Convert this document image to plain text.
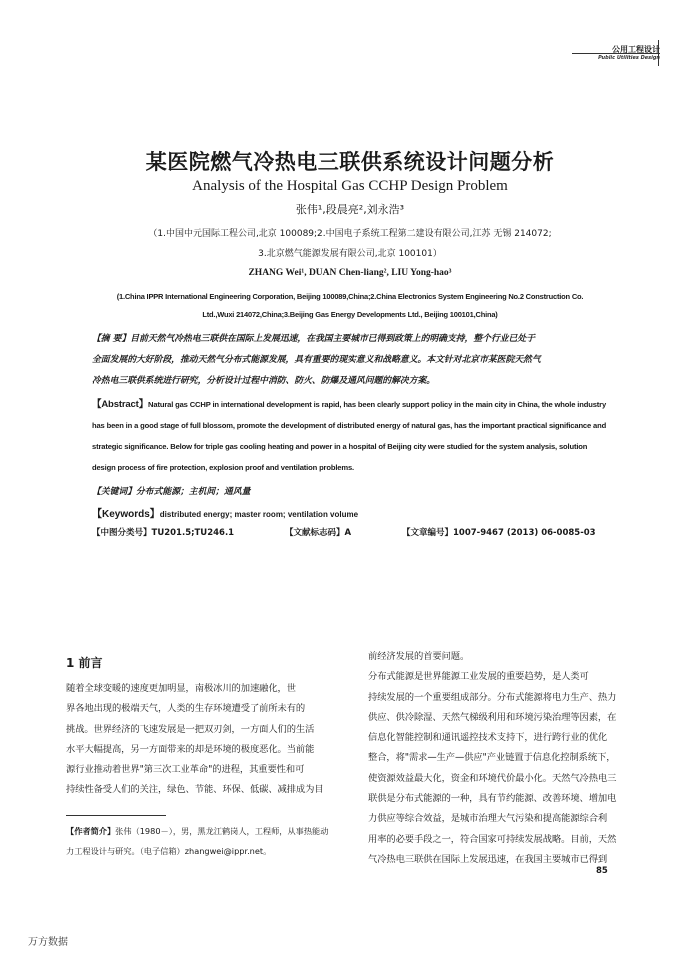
公用工程设计
Public Utilities Design
某医院燃气冷热电三联供系统设计问题分析
Analysis of the Hospital Gas CCHP Design Problem
张伟¹,段晨亮²,刘永浩³
（1.中国中元国际工程公司,北京 100089;2.中国电子系统工程第二建设有限公司,江苏 无锡 214072;
3.北京燃气能源发展有限公司,北京 100101）
ZHANG Wei¹, DUAN Chen-liang², LIU Yong-hao³
(1.China IPPR International Engineering Corporation, Beijing 100089,China;2.China Electronics System Engineering No.2 Construction Co.
Ltd.,Wuxi 214072,China;3.Beijing Gas Energy Developments Ltd., Beijing 100101,China)
【摘 要】目前天然气冷热电三联供在国际上发展迅速，在我国主要城市已得到政策上的明确支持，整个行业已处于
全面发展的大好阶段，推动天然气分布式能源发展，具有重要的现实意义和战略意义。本文针对北京市某医院天然气
冷热电三联供系统进行研究，分析设计过程中消防、防火、防爆及通风问题的解决方案。
【Abstract】Natural gas CCHP in international development is rapid, has been clearly support policy in the main city in China, the whole industry
has been in a good stage of full blossom, promote the development of distributed energy of natural gas, has the important practical significance and
strategic significance. Below for triple gas cooling heating and power in a hospital of Beijing city were studied for the system analysis, solution
design process of fire protection, explosion proof and ventilation problems.
【关键词】分布式能源；主机间；通风量
【Keywords】distributed energy; master room; ventilation volume
【中图分类号】TU201.5;TU246.1	【文献标志码】A	【文章编号】1007-9467 (2013) 06-0085-03
1 前言
随着全球变暖的速度更加明显，南极冰川的加速融化，世
界各地出现的极端天气，人类的生存环境遭受了前所未有的
挑战。世界经济的飞速发展是一把双刃剑，一方面人们的生活
水平大幅提高，另一方面带来的却是环境的极度恶化。当前能
源行业推动着世界"第三次工业革命"的进程，其重要性和可
持续性备受人们的关注，绿色、节能、环保、低碳、减排成为目
【作者简介】张伟（1980－），男，黑龙江鹤岗人，工程师，从事热能动
力工程设计与研究。（电子信箱）zhangwei@ippr.net。
前经济发展的首要问题。
分布式能源是世界能源工业发展的重要趋势，是人类可
持续发展的一个重要组成部分。分布式能源将电力生产、热力
供应、供冷除湿、天然气梯级利用和环境污染治理等因素，在
信息化智能控制和通讯遥控技术支持下，进行跨行业的优化
整合，将"需求—生产—供应"产业链置于信息化控制系统下，
使资源效益最大化，资金和环境代价最小化。天然气冷热电三
联供是分布式能源的一种，具有节约能源、改善环境、增加电
力供应等综合效益，是城市治理大气污染和提高能源综合利
用率的必要手段之一，符合国家可持续发展战略。目前，天然
气冷热电三联供在国际上发展迅速，在我国主要城市已得到
85
万方数据
